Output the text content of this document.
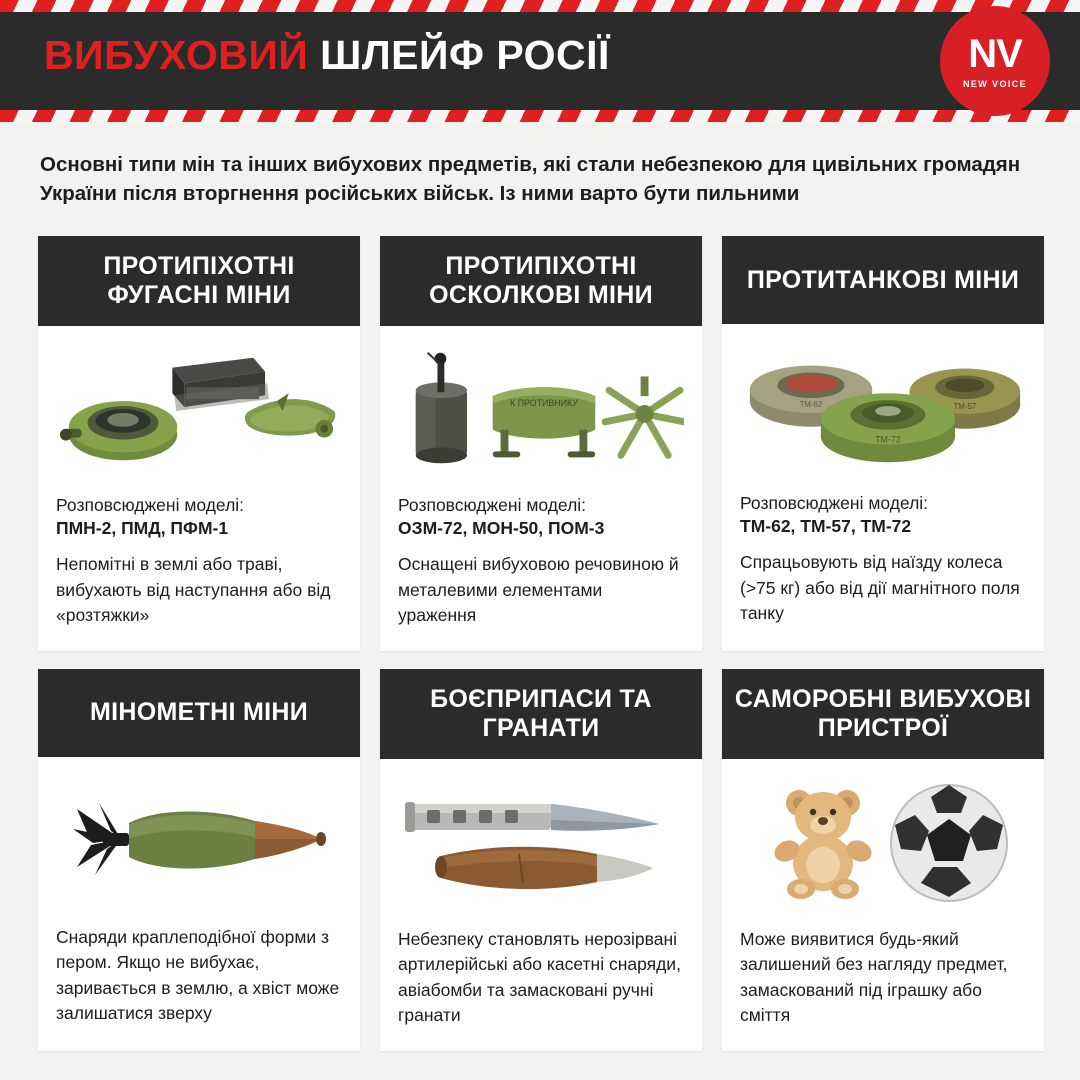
ВИБУХОВИЙ ШЛЕЙФ РОСІЇ	NV
NEW VOICE
Основні типи мін та інших вибухових предметів, які стали небезпекою для цивільних громадян України після вторгнення російських військ. Із ними варто бути пильними
ПРОТИПІХОТНІ ФУГАСНІ МІНИ
Розповсюджені моделі:
ПМН-2, ПМД, ПФМ-1
Непомітні в землі або траві, вибухають від наступання або від «розтяжки»
ПРОТИПІХОТНІ ОСКОЛКОВІ МІНИ
К ПРОТИВНИКУ
Розповсюджені моделі:
ОЗМ-72, МОН-50, ПОМ-3
Оснащені вибуховою речовиною й металевими елементами ураження
ПРОТИТАНКОВІ МІНИ
ТМ-62	ТМ-57
ТМ-72
Розповсюджені моделі:
ТМ-62, ТМ-57, ТМ-72
Спрацьовують від наїзду колеса (>75 кг) або від дії магнітного поля танку
МІНОМЕТНІ МІНИ
Снаряди краплеподібної форми з пером. Якщо не вибухає, заривається в землю, а хвіст може залишатися зверху
БОЄПРИПАСИ ТА ГРАНАТИ
Небезпеку становлять нерозірвані артилерійські або касетні снаряди, авіабомби та замасковані ручні гранати
САМОРОБНІ ВИБУХОВІ ПРИСТРОЇ
Може виявитися будь-який залишений без нагляду предмет, замаскований під іграшку або сміття
